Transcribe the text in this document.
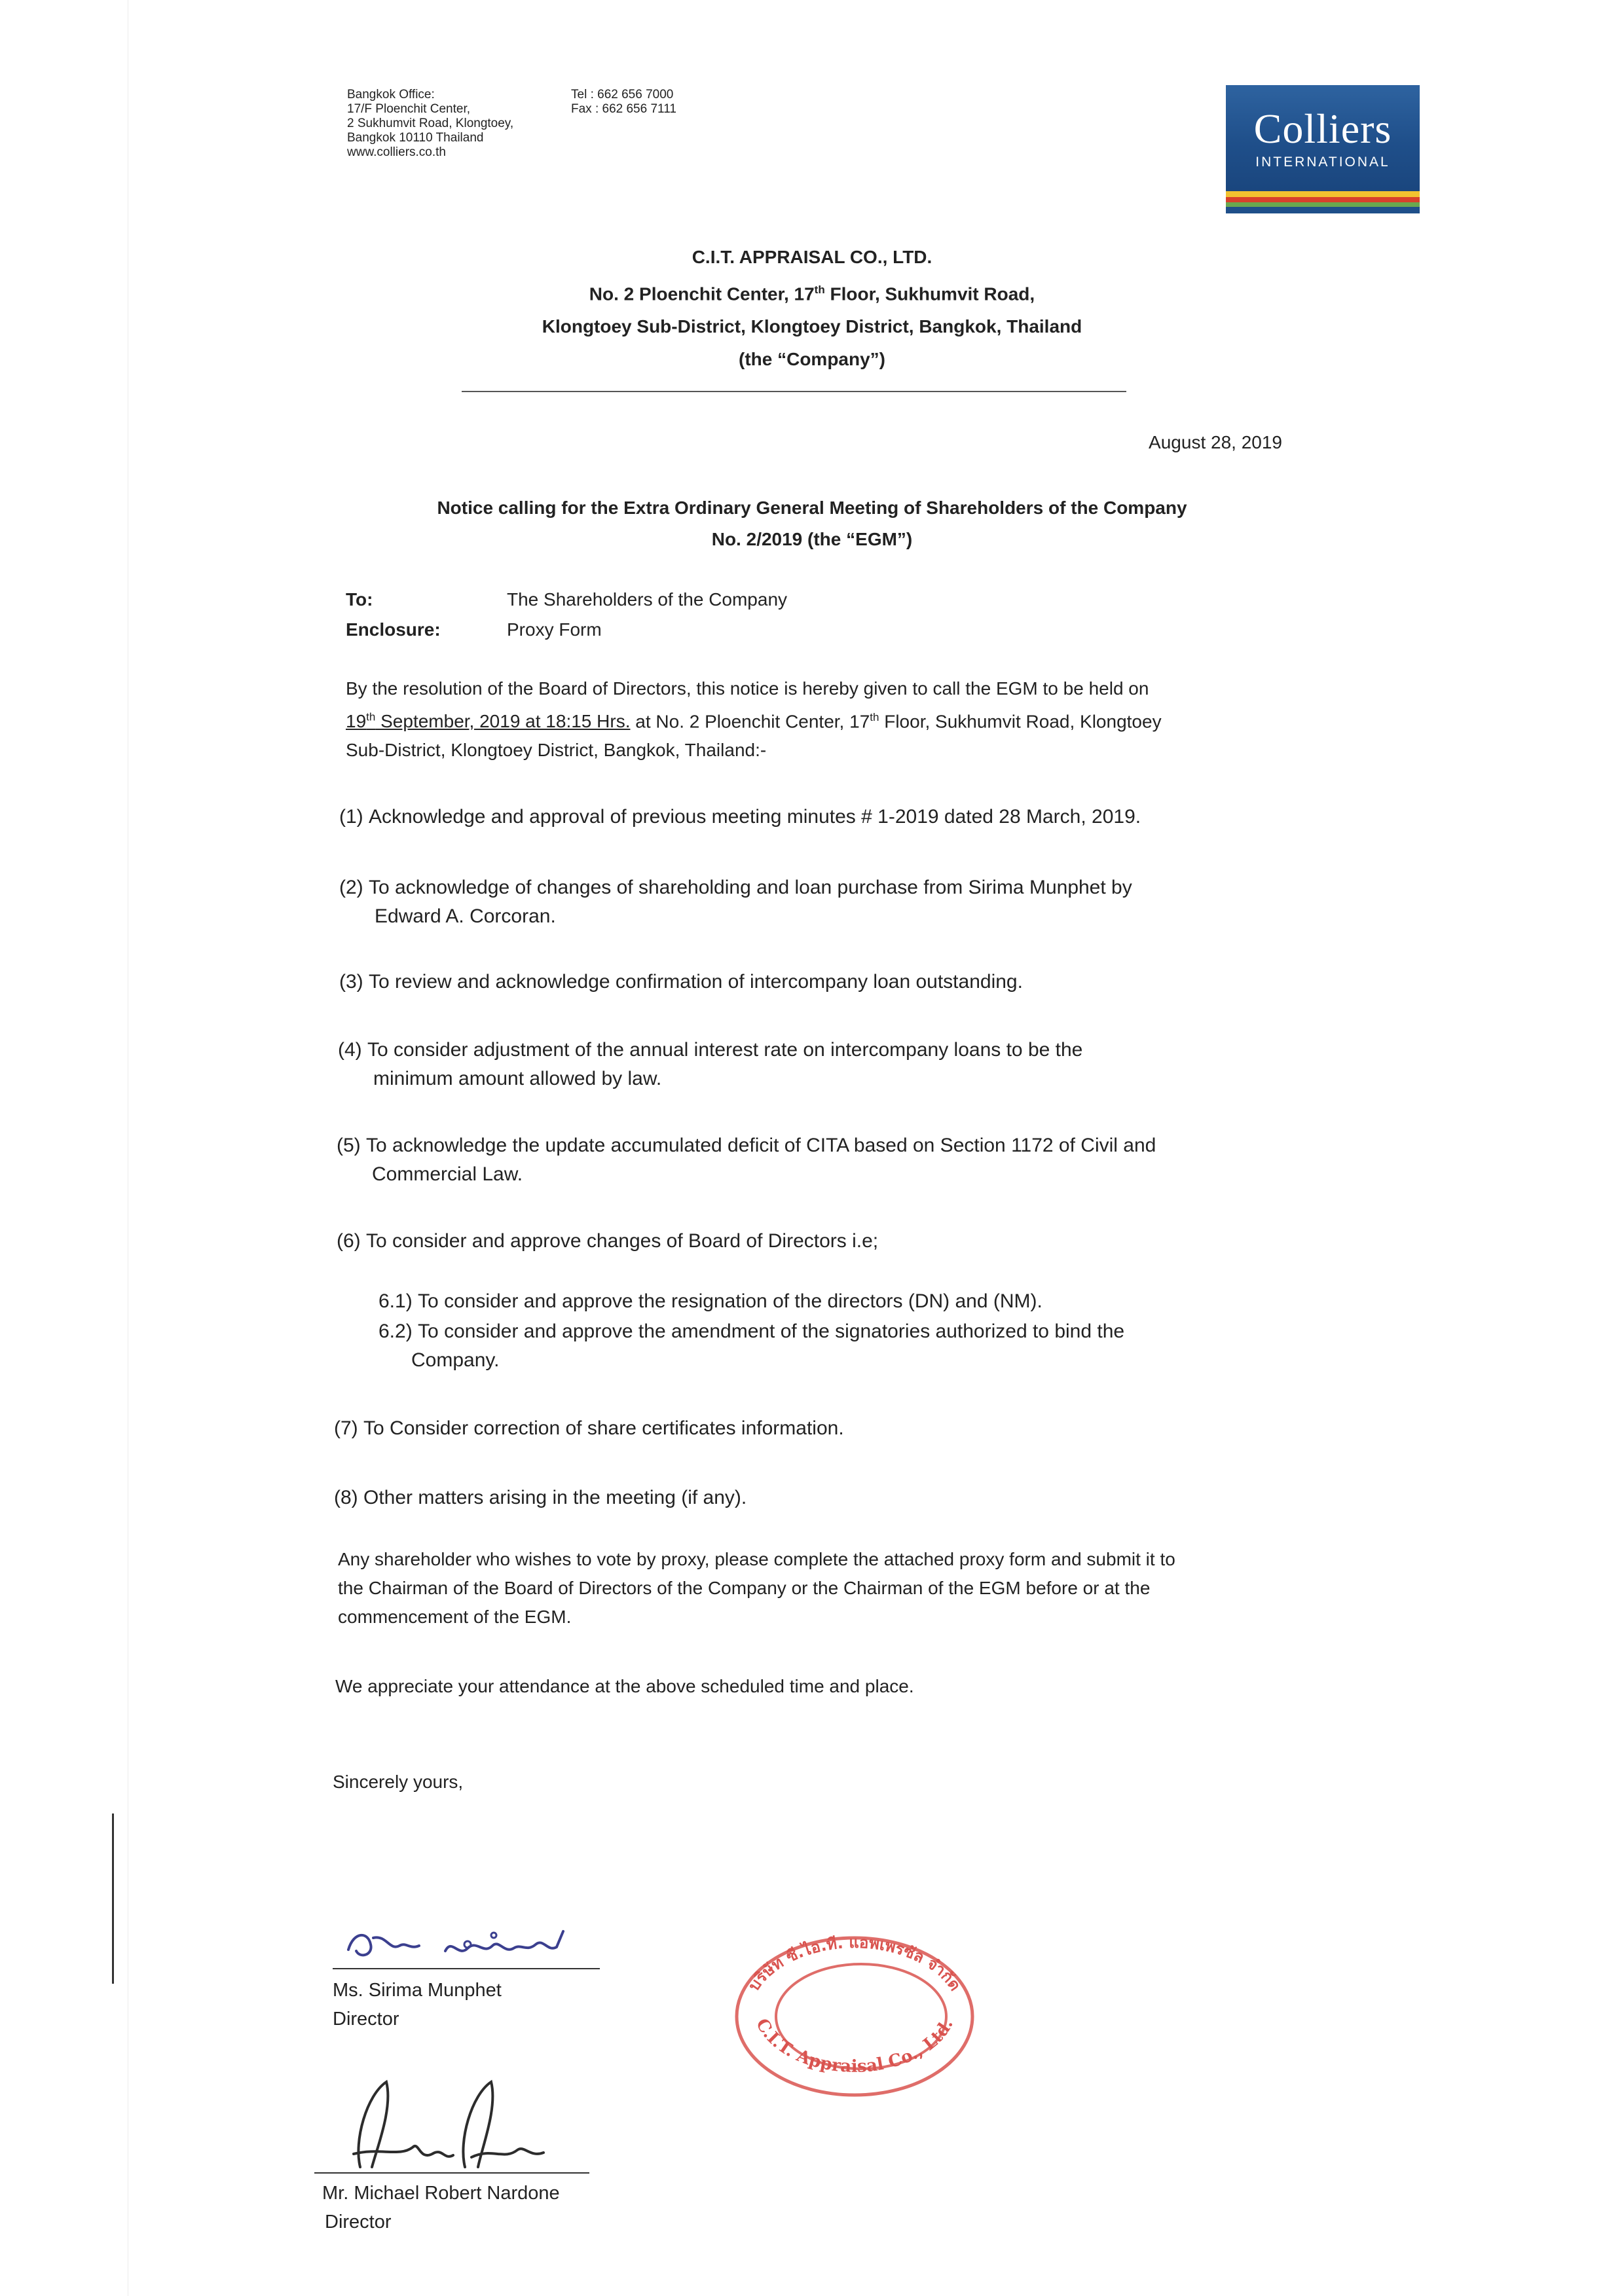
Bangkok Office:
17/F Ploenchit Center,
2 Sukhumvit Road, Klongtoey,
Bangkok 10110 Thailand
www.colliers.co.th
Tel : 662 656 7000
Fax : 662 656 7111	Colliers
INTERNATIONAL
C.I.T. APPRAISAL CO., LTD.
No. 2 Ploenchit Center, 17th Floor, Sukhumvit Road,
Klongtoey Sub-District, Klongtoey District, Bangkok, Thailand
(the “Company”)
August 28, 2019
Notice calling for the Extra Ordinary General Meeting of Shareholders of the Company
No. 2/2019 (the “EGM”)
To:	The Shareholders of the Company
Enclosure:	Proxy Form
By the resolution of the Board of Directors, this notice is hereby given to call the EGM to be held on
19th September, 2019 at 18:15 Hrs. at No. 2 Ploenchit Center, 17th Floor, Sukhumvit Road, Klongtoey
Sub-District, Klongtoey District, Bangkok, Thailand:-
(1) Acknowledge and approval of previous meeting minutes # 1-2019 dated 28 March, 2019.
(2) To acknowledge of changes of shareholding and loan purchase from Sirima Munphet by
Edward A. Corcoran.
(3) To review and acknowledge confirmation of intercompany loan outstanding.
(4) To consider adjustment of the annual interest rate on intercompany loans to be the
minimum amount allowed by law.
(5) To acknowledge the update accumulated deficit of CITA based on Section 1172 of Civil and
Commercial Law.
(6) To consider and approve changes of Board of Directors i.e;
6.1) To consider and approve the resignation of the directors (DN) and (NM).
6.2) To consider and approve the amendment of the signatories authorized to bind the
Company.
(7) To Consider correction of share certificates information.
(8) Other matters arising in the meeting (if any).
Any shareholder who wishes to vote by proxy, please complete the attached proxy form and submit it to
the Chairman of the Board of Directors of the Company or the Chairman of the EGM before or at the
commencement of the EGM.
We appreciate your attendance at the above scheduled time and place.
Sincerely yours,
Ms. Sirima Munphet
Director
บริษัท ซี.ไอ.ที. แอพเพรซัล จำกัด
C.I.T. Appraisal Co., Ltd.
Mr. Michael Robert Nardone
Director
